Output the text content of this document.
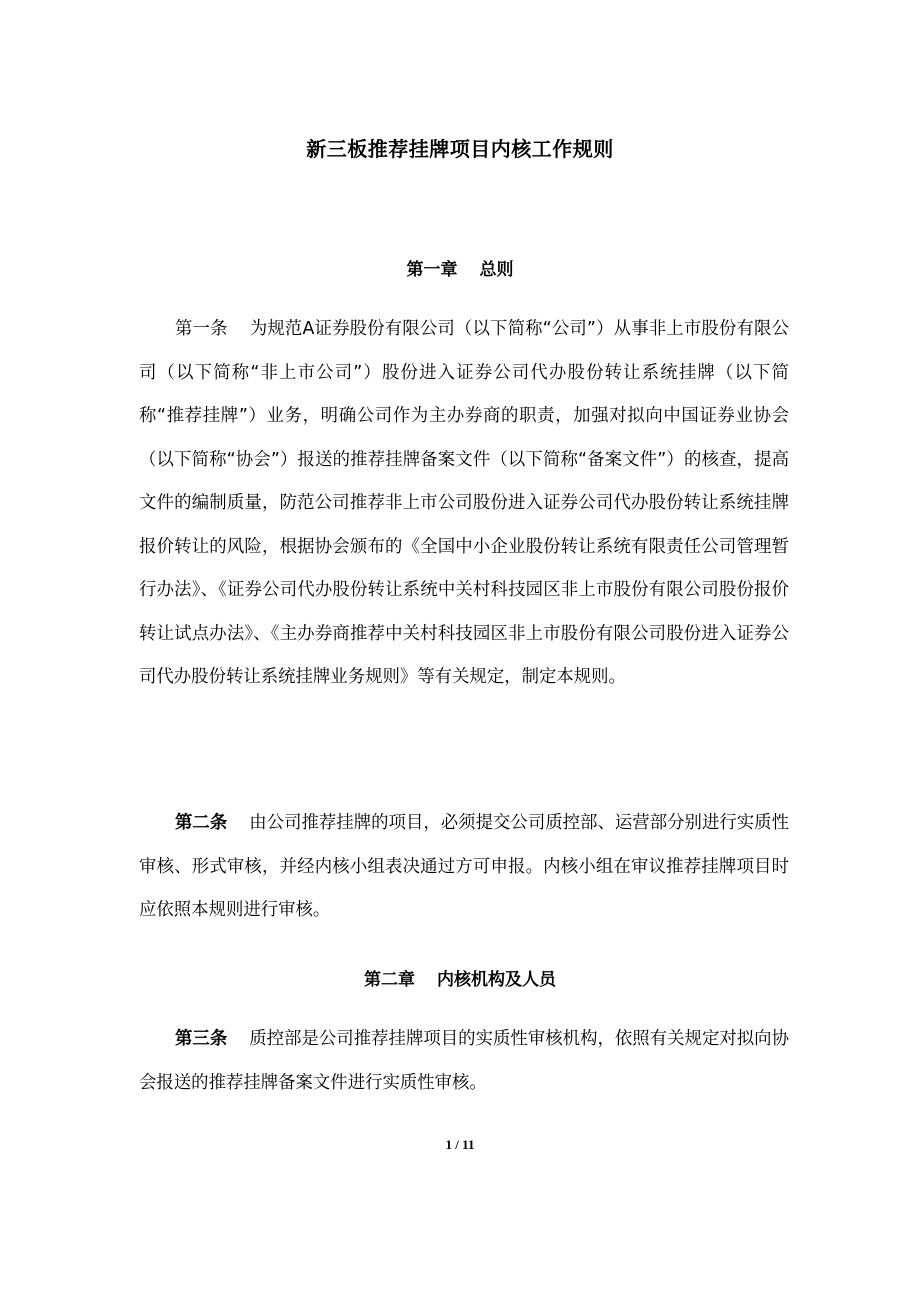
新三板推荐挂牌项目内核工作规则
第一章 总则

第一条 为规范A证券股份有限公司（以下简称“公司”）从事非上市股份有限公司（以下简称“非上市公司”）股份进入证券公司代办股份转让系统挂牌（以下简称“推荐挂牌”）业务，明确公司作为主办券商的职责，加强对拟向中国证券业协会（以下简称“协会”）报送的推荐挂牌备案文件（以下简称“备案文件”）的核查，提高文件的编制质量，防范公司推荐非上市公司股份进入证券公司代办股份转让系统挂牌报价转让的风险，根据协会颁布的《全国中小企业股份转让系统有限责任公司管理暂行办法》、《证券公司代办股份转让系统中关村科技园区非上市股份有限公司股份报价转让试点办法》、《主办券商推荐中关村科技园区非上市股份有限公司股份进入证券公司代办股份转让系统挂牌业务规则》等有关规定，制定本规则。

第二条 由公司推荐挂牌的项目，必须提交公司质控部、运营部分别进行实质性审核、形式审核，并经内核小组表决通过方可申报。内核小组在审议推荐挂牌项目时应依照本规则进行审核。

第二章 内核机构及人员

第三条 质控部是公司推荐挂牌项目的实质性审核机构，依照有关规定对拟向协会报送的推荐挂牌备案文件进行实质性审核。

1 / 11
